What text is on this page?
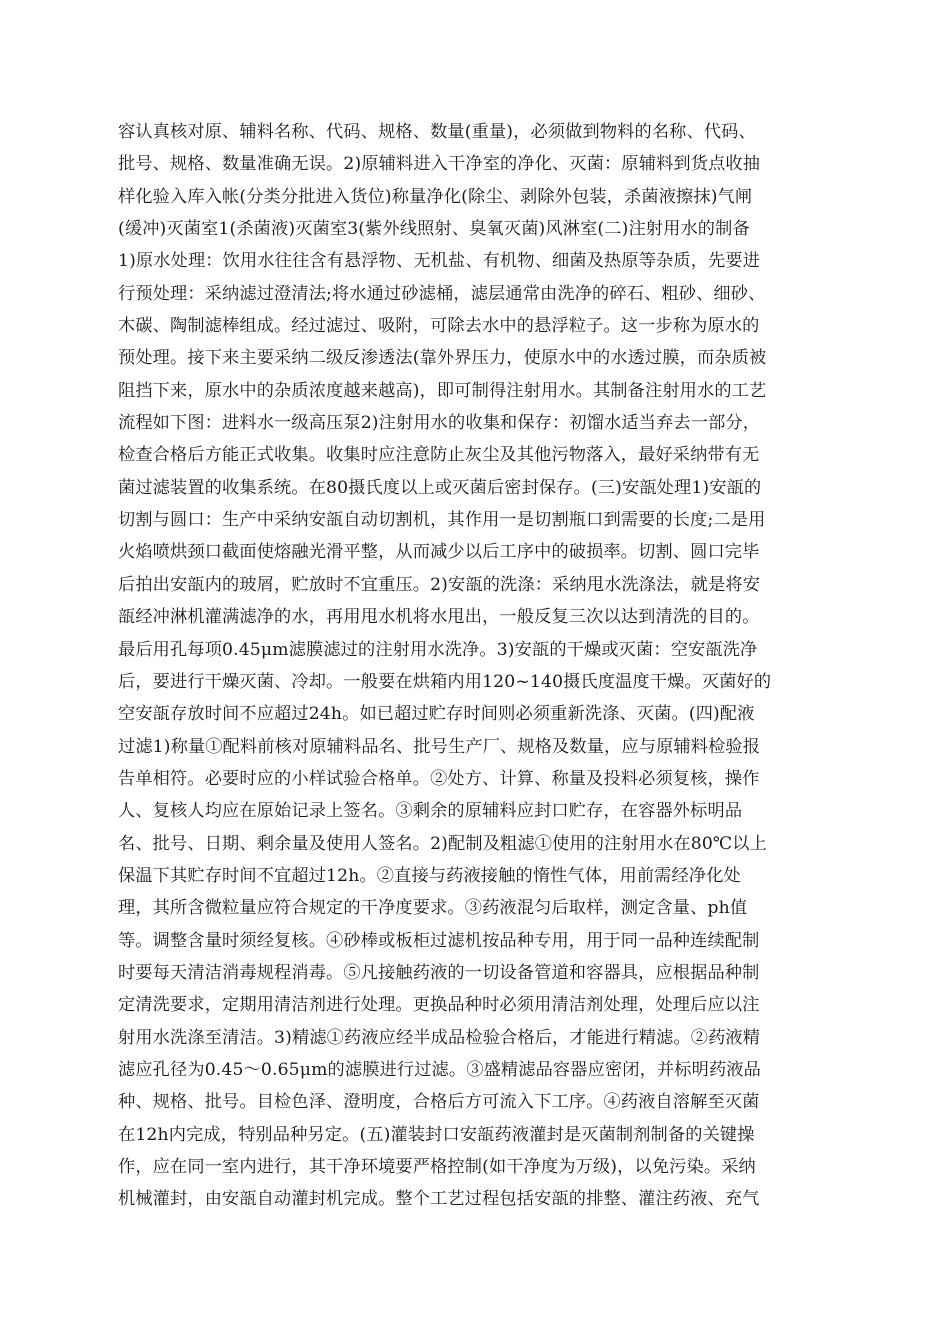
容认真核对原、辅料名称、代码、规格、数量(重量)，必须做到物料的名称、代码、
批号、规格、数量准确无误。2)原辅料进入干净室的净化、灭菌：原辅料到货点收抽
样化验入库入帐(分类分批进入货位)称量净化(除尘、剥除外包装，杀菌液擦抹)气闸
(缓冲)灭菌室1(杀菌液)灭菌室3(紫外线照射、臭氧灭菌)风淋室(二)注射用水的制备
1)原水处理：饮用水往往含有悬浮物、无机盐、有机物、细菌及热原等杂质，先要进
行预处理：采纳滤过澄清法;将水通过砂滤桶，滤层通常由洗净的碎石、粗砂、细砂、
木碳、陶制滤棒组成。经过滤过、吸附，可除去水中的悬浮粒子。这一步称为原水的
预处理。接下来主要采纳二级反渗透法(靠外界压力，使原水中的水透过膜，而杂质被
阻挡下来，原水中的杂质浓度越来越高)，即可制得注射用水。其制备注射用水的工艺
流程如下图：进料水一级高压泵2)注射用水的收集和保存：初馏水适当弃去一部分，
检查合格后方能正式收集。收集时应注意防止灰尘及其他污物落入，最好采纳带有无
菌过滤装置的收集系统。在80摄氏度以上或灭菌后密封保存。(三)安瓿处理1)安瓿的
切割与圆口：生产中采纳安瓿自动切割机，其作用一是切割瓶口到需要的长度;二是用
火焰喷烘颈口截面使熔融光滑平整，从而减少以后工序中的破损率。切割、圆口完毕
后拍出安瓿内的玻屑，贮放时不宜重压。2)安瓿的洗涤：采纳甩水洗涤法，就是将安
瓿经冲淋机灌满滤净的水，再用甩水机将水甩出，一般反复三次以达到清洗的目的。
最后用孔每项0.45μm滤膜滤过的注射用水洗净。3)安瓿的干燥或灭菌：空安瓿洗净
后，要进行干燥灭菌、冷却。一般要在烘箱内用120~140摄氏度温度干燥。灭菌好的
空安瓿存放时间不应超过24h。如已超过贮存时间则必须重新洗涤、灭菌。(四)配液
过滤1)称量①配料前核对原辅料品名、批号生产厂、规格及数量，应与原辅料检验报
告单相符。必要时应的小样试验合格单。②处方、计算、称量及投料必须复核，操作
人、复核人均应在原始记录上签名。③剩余的原辅料应封口贮存，在容器外标明品
名、批号、日期、剩余量及使用人签名。2)配制及粗滤①使用的注射用水在80℃以上
保温下其贮存时间不宜超过12h。②直接与药液接触的惰性气体，用前需经净化处
理，其所含微粒量应符合规定的干净度要求。③药液混匀后取样，测定含量、ph值
等。调整含量时须经复核。④砂棒或板柜过滤机按品种专用，用于同一品种连续配制
时要每天清洁消毒规程消毒。⑤凡接触药液的一切设备管道和容器具，应根据品种制
定清洗要求，定期用清洁剂进行处理。更换品种时必须用清洁剂处理，处理后应以注
射用水洗涤至清洁。3)精滤①药液应经半成品检验合格后，才能进行精滤。②药液精
滤应孔径为0.45～0.65μm的滤膜进行过滤。③盛精滤品容器应密闭，并标明药液品
种、规格、批号。目检色泽、澄明度，合格后方可流入下工序。④药液自溶解至灭菌
在12h内完成，特别品种另定。(五)灌装封口安瓿药液灌封是灭菌制剂制备的关键操
作，应在同一室内进行，其干净环境要严格控制(如干净度为万级)，以免污染。采纳
机械灌封，由安瓿自动灌封机完成。整个工艺过程包括安瓿的排整、灌注药液、充气
